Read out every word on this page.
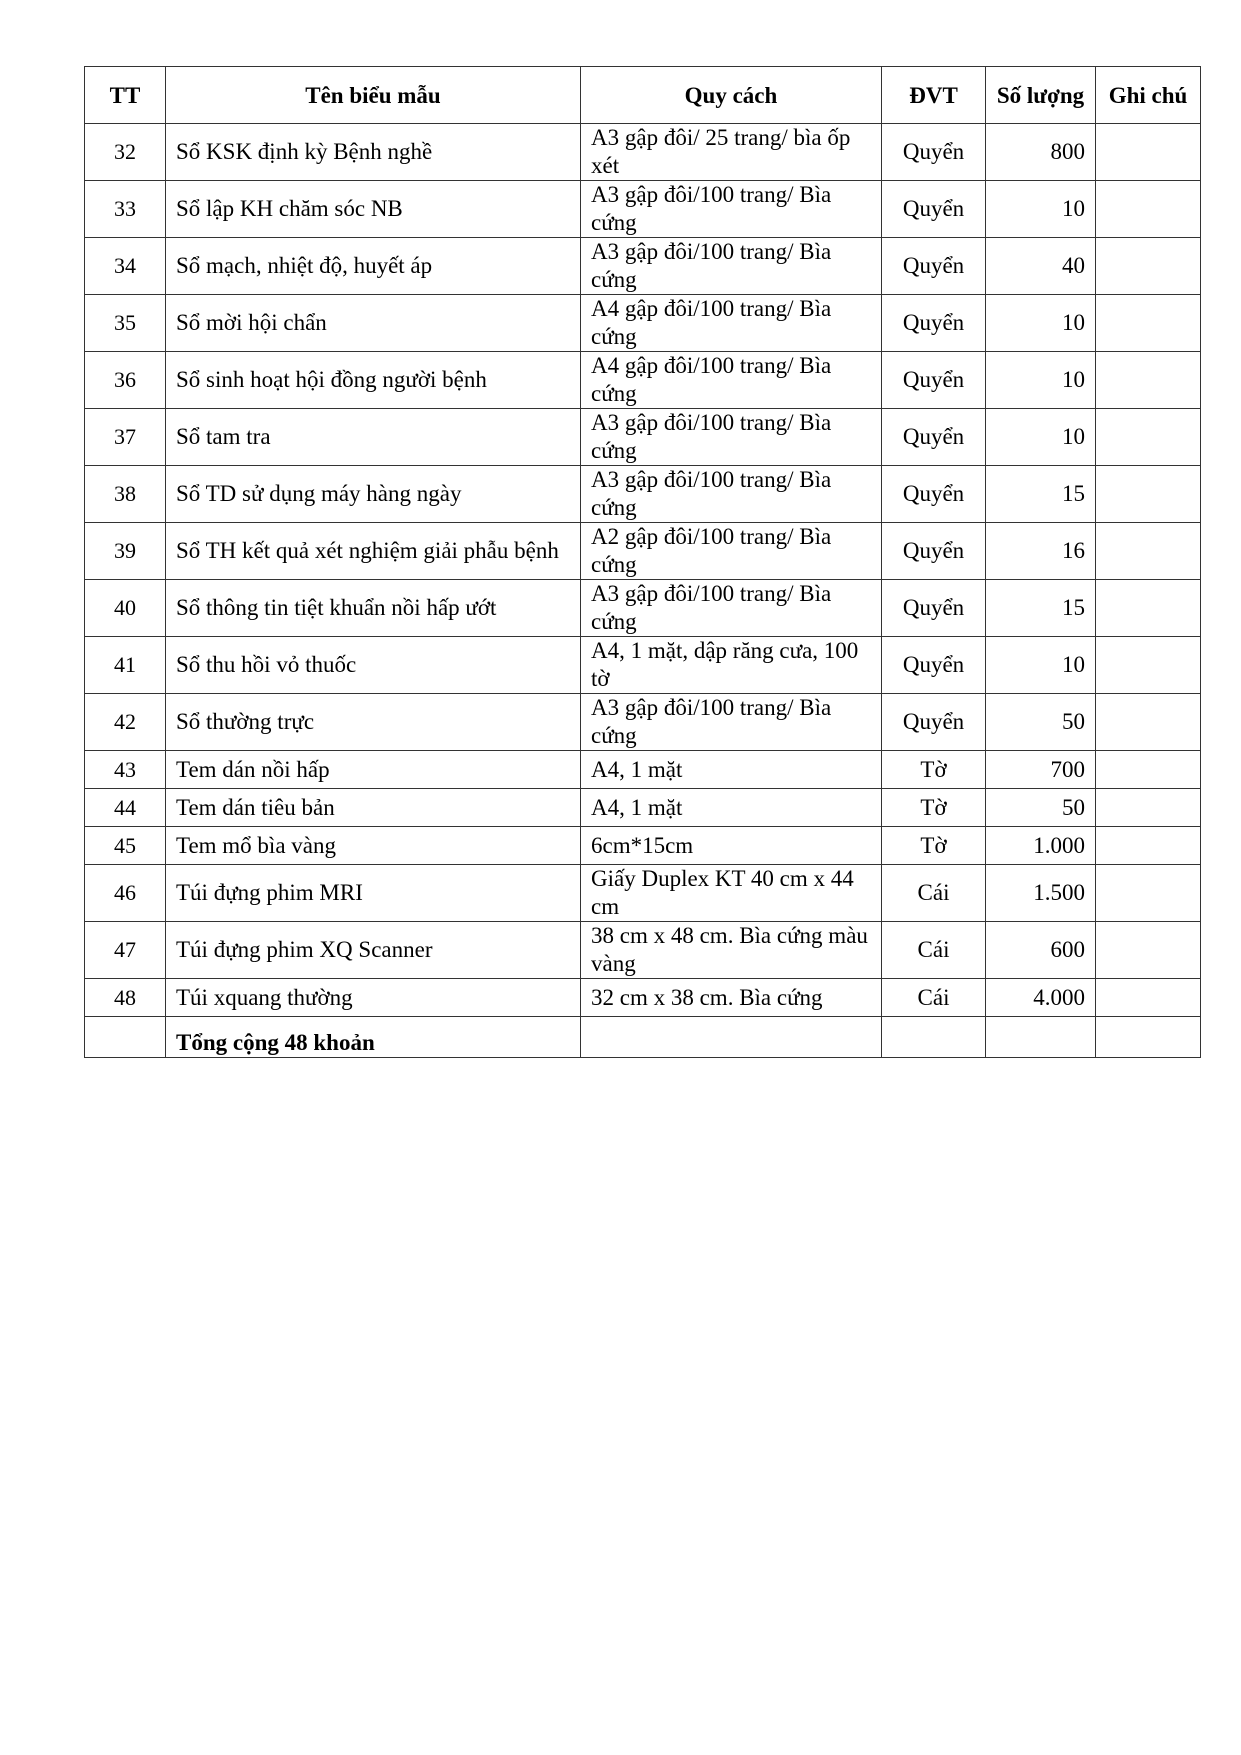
TT	Tên biểu mẫu	Quy cách	ĐVT	Số lượng	Ghi chú
32	Sổ KSK định kỳ Bệnh nghề	A3 gập đôi/ 25 trang/ bìa ốp xét	Quyển	800	
33	Sổ lập KH chăm sóc NB	A3 gập đôi/100 trang/ Bìa cứng	Quyển	10	
34	Sổ mạch, nhiệt độ, huyết áp	A3 gập đôi/100 trang/ Bìa cứng	Quyển	40	
35	Sổ mời hội chẩn	A4 gập đôi/100 trang/ Bìa cứng	Quyển	10	
36	Sổ sinh hoạt hội đồng người bệnh	A4 gập đôi/100 trang/ Bìa cứng	Quyển	10	
37	Sổ tam tra	A3 gập đôi/100 trang/ Bìa cứng	Quyển	10	
38	Sổ TD sử dụng máy hàng ngày	A3 gập đôi/100 trang/ Bìa cứng	Quyển	15	
39	Sổ TH kết quả xét nghiệm giải phẫu bệnh	A2 gập đôi/100 trang/ Bìa cứng	Quyển	16	
40	Sổ thông tin tiệt khuẩn nồi hấp ướt	A3 gập đôi/100 trang/ Bìa cứng	Quyển	15	
41	Sổ thu hồi vỏ thuốc	A4, 1 mặt, dập răng cưa, 100 tờ	Quyển	10	
42	Sổ thường trực	A3 gập đôi/100 trang/ Bìa cứng	Quyển	50	
43	Tem dán nồi hấp	A4, 1 mặt	Tờ	700	
44	Tem dán tiêu bản	A4, 1 mặt	Tờ	50	
45	Tem mổ bìa vàng	6cm*15cm	Tờ	1.000	
46	Túi đựng phim MRI	Giấy Duplex KT 40 cm x 44 cm	Cái	1.500	
47	Túi đựng phim XQ Scanner	38 cm x 48 cm. Bìa cứng màu vàng	Cái	600	
48	Túi xquang thường	32 cm x 38 cm. Bìa cứng	Cái	4.000	
	Tổng cộng 48 khoản				
